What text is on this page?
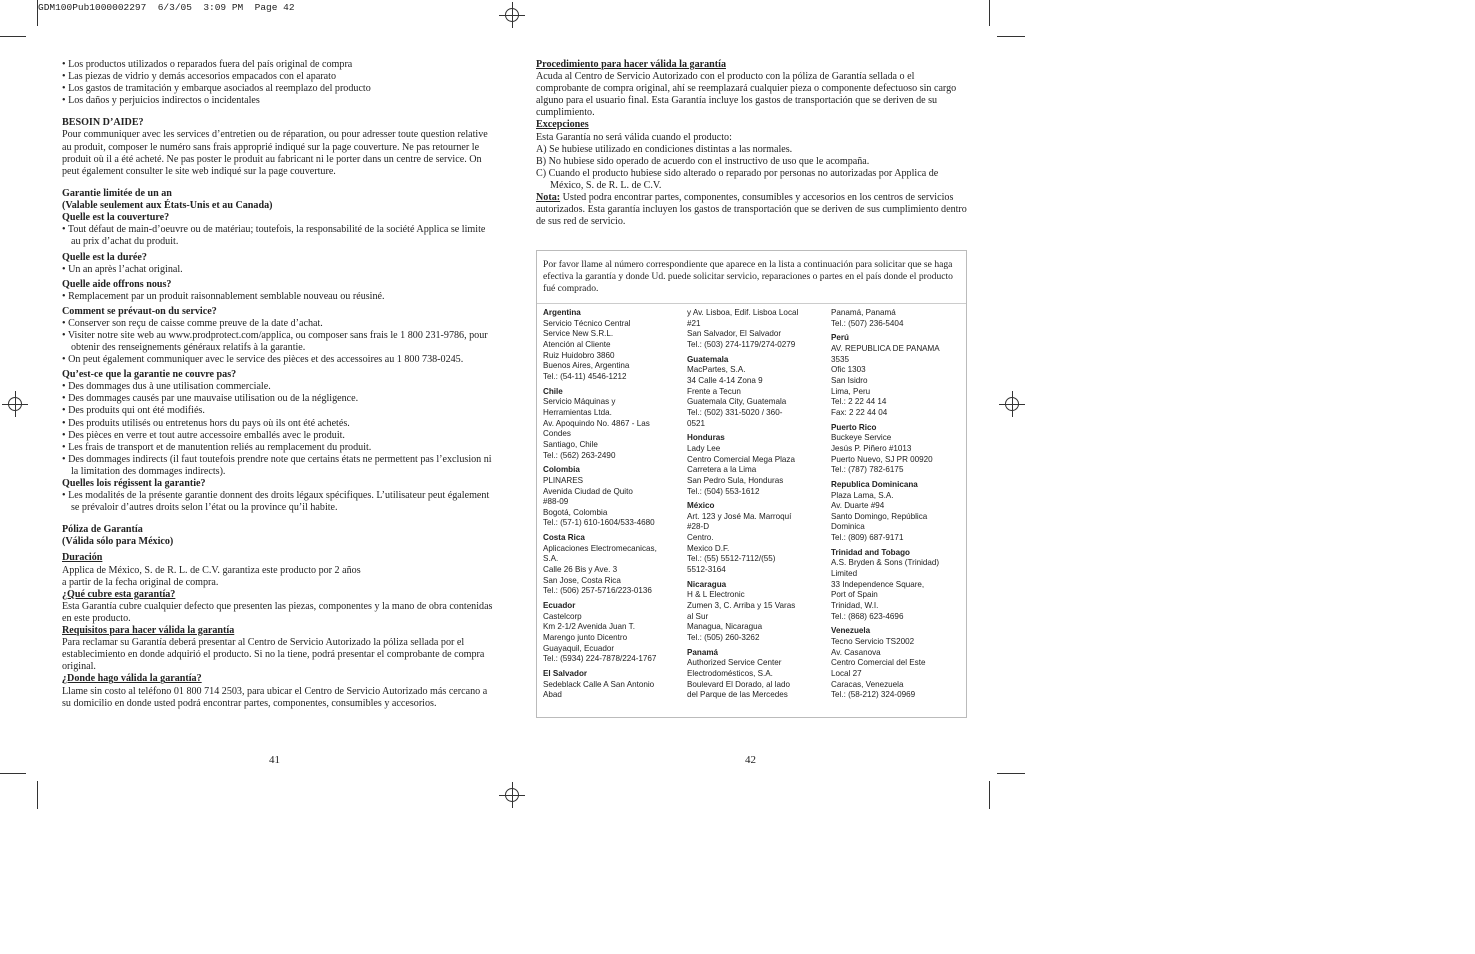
GDM100Pub1000002297  6/3/05  3:09 PM  Page 42

• Los productos utilizados o reparados fuera del país original de compra

• Las piezas de vidrio y demás accesorios empacados con el aparato

• Los gastos de tramitación y embarque asociados al reemplazo del producto

• Los daños y perjuicios indirectos o incidentales

BESOIN D’AIDE?

Pour communiquer avec les services d’entretien ou de réparation, ou pour adresser toute question relative au produit, composer le numéro sans frais approprié indiqué sur la page couverture. Ne pas retourner le produit où il a été acheté. Ne pas poster le produit au fabricant ni le porter dans un centre de service. On peut également consulter le site web indiqué sur la page couverture.

Garantie limitée de un an

(Valable seulement aux États-Unis et au Canada)

Quelle est la couverture?

• Tout défaut de main-d’oeuvre ou de matériau; toutefois, la responsabilité de la société Applica se limite au prix d’achat du produit.

Quelle est la durée?

• Un an après l’achat original.

Quelle aide offrons nous?

• Remplacement par un produit raisonnablement semblable nouveau ou réusiné.

Comment se prévaut-on du service?

• Conserver son reçu de caisse comme preuve de la date d’achat.

• Visiter notre site web au www.prodprotect.com/applica, ou composer sans frais le 1 800 231-9786, pour obtenir des renseignements généraux relatifs à la garantie.

• On peut également communiquer avec le service des pièces et des accessoires au 1 800 738-0245.

Qu’est-ce que la garantie ne couvre pas?

• Des dommages dus à une utilisation commerciale.

• Des dommages causés par une mauvaise utilisation ou de la négligence.

• Des produits qui ont été modifiés.

• Des produits utilisés ou entretenus hors du pays où ils ont été achetés.

• Des pièces en verre et tout autre accessoire emballés avec le produit.

• Les frais de transport et de manutention reliés au remplacement du produit.

• Des dommages indirects (il faut toutefois prendre note que certains états ne permettent pas l’exclusion ni la limitation des dommages indirects).

Quelles lois régissent la garantie?

• Les modalités de la présente garantie donnent des droits légaux spécifiques. L’utilisateur peut également se prévaloir d’autres droits selon l’état ou la province qu’il habite.

Póliza de Garantía

(Válida sólo para México)

Duración

Applica de México, S. de R. L. de C.V. garantiza este producto por 2 años a partir de la fecha original de compra.

¿Qué cubre esta garantía?

Esta Garantía cubre cualquier defecto que presenten las piezas, componentes y la mano de obra contenidas en este producto.

Requisitos para hacer válida la garantía

Para reclamar su Garantía deberá presentar al Centro de Servicio Autorizado la póliza sellada por el establecimiento en donde adquirió el producto. Si no la tiene, podrá presentar el comprobante de compra original.

¿Donde hago válida la garantía?

Llame sin costo al teléfono 01 800 714 2503, para ubicar el Centro de Servicio Autorizado más cercano a su domicilio en donde usted podrá encontrar partes, componentes, consumibles y accesorios.

41

Procedimiento para hacer válida la garantía

Acuda al Centro de Servicio Autorizado con el producto con la póliza de Garantía sellada o el comprobante de compra original, ahí se reemplazará cualquier pieza o componente defectuoso sin cargo alguno para el usuario final. Esta Garantía incluye los gastos de transportación que se deriven de su cumplimiento.

Excepciones

Esta Garantía no será válida cuando el producto:

A) Se hubiese utilizado en condiciones distintas a las normales.

B) No hubiese sido operado de acuerdo con el instructivo de uso que le acompaña.

C) Cuando el producto hubiese sido alterado o reparado por personas no autorizadas por Applica de México, S. de R. L. de C.V.

Nota: Usted podra encontrar partes, componentes, consumibles y accesorios en los centros de servicios autorizados. Esta garantía incluyen los gastos de transportación que se deriven de sus cumplimiento dentro de sus red de servicio.

Por favor llame al número correspondiente que aparece en la lista a continuación para solicitar que se haga efectiva la garantía y donde Ud. puede solicitar servicio, reparaciones o partes en el país donde el producto fué comprado.

Argentina

Servicio Técnico Central

Service New S.R.L.

Atención al Cliente

Ruiz Huidobro 3860

Buenos Aires, Argentina

Tel.: (54-11) 4546-1212

Chile

Servicio Máquinas y

Herramientas Ltda.

Av. Apoquindo No. 4867 - Las

Condes

Santiago, Chile

Tel.: (562) 263-2490

Colombia

PLINARES

Avenida Ciudad de Quito

#88-09

Bogotá, Colombia

Tel.: (57-1) 610-1604/533-4680

Costa Rica

Aplicaciones Electromecanicas,

S.A.

Calle 26 Bis y Ave. 3

San Jose, Costa Rica

Tel.: (506) 257-5716/223-0136

Ecuador

Castelcorp

Km 2-1/2 Avenida Juan T.

Marengo junto Dicentro

Guayaquil, Ecuador

Tel.: (5934) 224-7878/224-1767

El Salvador

Sedeblack Calle A San Antonio

Abad

y Av. Lisboa, Edif. Lisboa Local

#21

San Salvador, El Salvador

Tel.: (503) 274-1179/274-0279

Guatemala

MacPartes, S.A.

34 Calle 4-14 Zona 9

Frente a Tecun

Guatemala City, Guatemala

Tel.: (502) 331-5020 / 360-

0521

Honduras

Lady Lee

Centro Comercial Mega Plaza

Carretera a la Lima

San Pedro Sula, Honduras

Tel.: (504) 553-1612

México

Art. 123 y José Ma. Marroquí

#28-D

Centro.

Mexico D.F.

Tel.: (55) 5512-7112/(55)

5512-3164

Nicaragua

H & L Electronic

Zumen 3, C. Arriba y 15 Varas

al Sur

Managua, Nicaragua

Tel.: (505) 260-3262

Panamá

Authorized Service Center

Electrodomésticos, S.A.

Boulevard El Dorado, al lado

del Parque de las Mercedes

Panamá, Panamá

Tel.: (507) 236-5404

Perú

AV. REPUBLICA DE PANAMA

3535

Ofic 1303

San Isidro

Lima, Peru

Tel.: 2 22 44 14

Fax: 2 22 44 04

Puerto Rico

Buckeye Service

Jesús P. Piñero #1013

Puerto Nuevo, SJ PR 00920

Tel.: (787) 782-6175

Republica Dominicana

Plaza Lama, S.A.

Av. Duarte #94

Santo Domingo, República

Dominica

Tel.: (809) 687-9171

Trinidad and Tobago

A.S. Bryden & Sons (Trinidad)

Limited

33 Independence Square,

Port of Spain

Trinidad, W.I.

Tel.: (868) 623-4696

Venezuela

Tecno Servicio TS2002

Av. Casanova

Centro Comercial del Este

Local 27

Caracas, Venezuela

Tel.: (58-212) 324-0969

42
